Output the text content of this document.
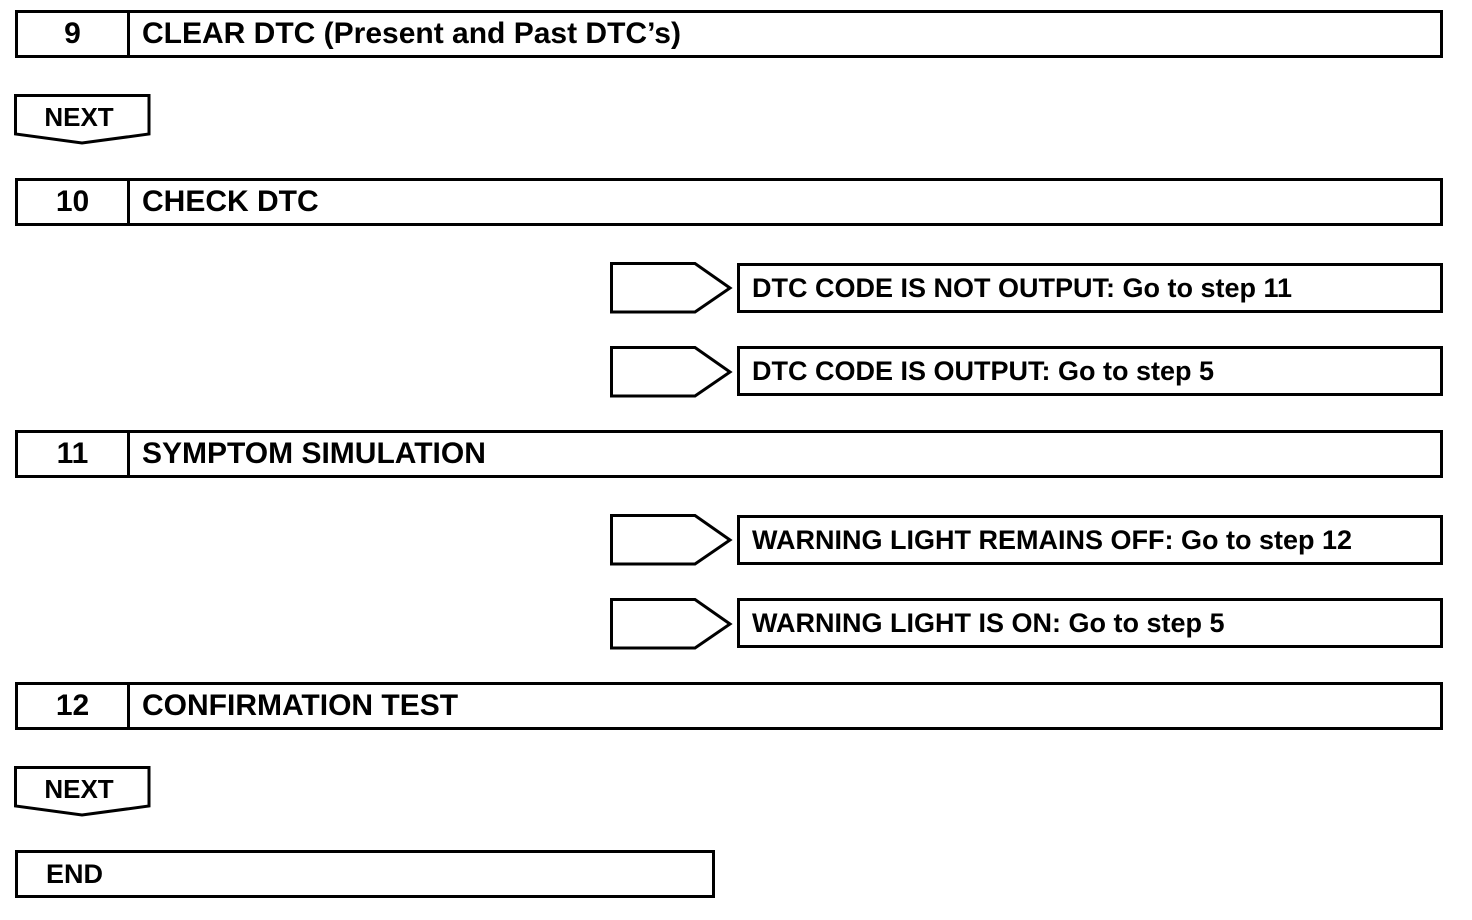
9	CLEAR DTC (Present and Past DTC’s)
NEXT
10	CHECK DTC
DTC CODE IS NOT OUTPUT: Go to step 11
DTC CODE IS OUTPUT: Go to step 5
11	SYMPTOM SIMULATION
WARNING LIGHT REMAINS OFF: Go to step 12
WARNING LIGHT IS ON: Go to step 5
12	CONFIRMATION TEST
NEXT
END
